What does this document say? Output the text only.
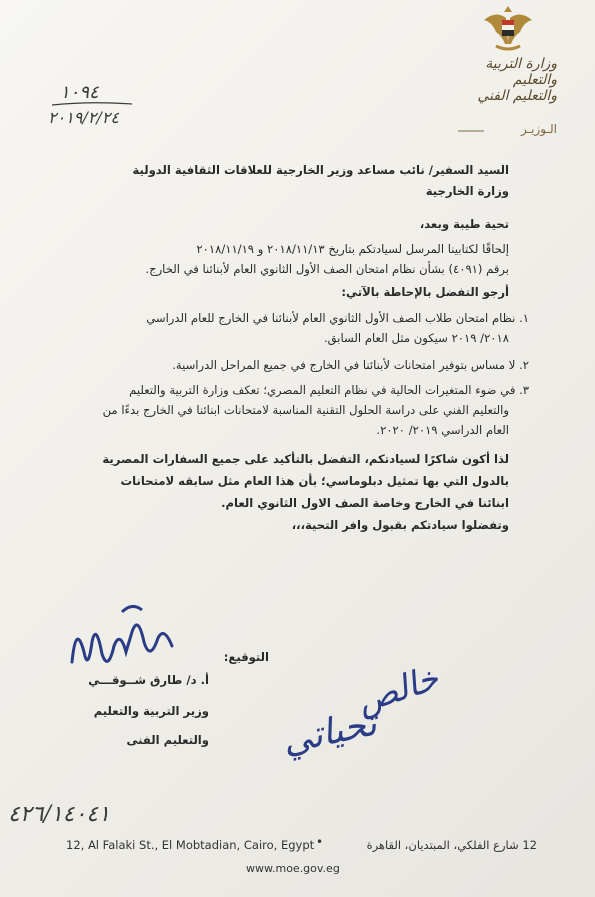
وزارة التربية والتعليم
والتعليم الفني
الـوزيـر
١٠٩٤
٢٠١٩/٢/٢٤
السيد السفير/ نائب مساعد وزير الخارجية للعلاقات الثقافية الدولية
وزارة الخارجية
تحية طيبة وبعد،
إلحاقًا لكتابينا المرسل لسيادتكم بتاريخ ٢٠١٨/١١/١٣ و ٢٠١٨/١١/١٩
برقم (٤٠٩١) بشأن نظام امتحان الصف الأول الثانوي العام لأبنائنا في الخارج.
أرجو التفضل بالإحاطة بالآتي:
١. نظام امتحان طلاب الصف الأول الثانوي العام لأبنائنا في الخارج للعام الدراسي
٢٠١٨/ ٢٠١٩ سيكون مثل العام السابق.
٢. لا مساس بتوفير امتحانات لأبنائنا في الخارج في جميع المراحل الدراسية.
٣. في ضوء المتغيرات الحالية في نظام التعليم المصري؛ تعكف وزارة التربية والتعليم
والتعليم الفني على دراسة الحلول التقنية المناسبة لامتحانات ابنائنا في الخارج بدءًا من
العام الدراسي ٢٠١٩/ ٢٠٢٠.
لذا أكون شاكرًا لسيادتكم، التفضل بالتأكيد على جميع السفارات المصرية
بالدول التي بها تمثيل دبلوماسي؛ بأن هذا العام مثل سابقه لامتحانات
ابنائنا في الخارج وخاصة الصف الاول الثانوي العام.
وتفضلوا سيادتكم بقبول وافر التحية،،،
التوقيع:
أ. د/ طارق شــوقـــي
وزير التربية والتعليم
والتعليم الفنى
خالص
تحياتي
٤٢٦/١٤٠٤١
12, Al Falaki St., El Mobtadian, Cairo, Egypt •	12 شارع الفلكي، المبتديان، القاهرة
www.moe.gov.eg
